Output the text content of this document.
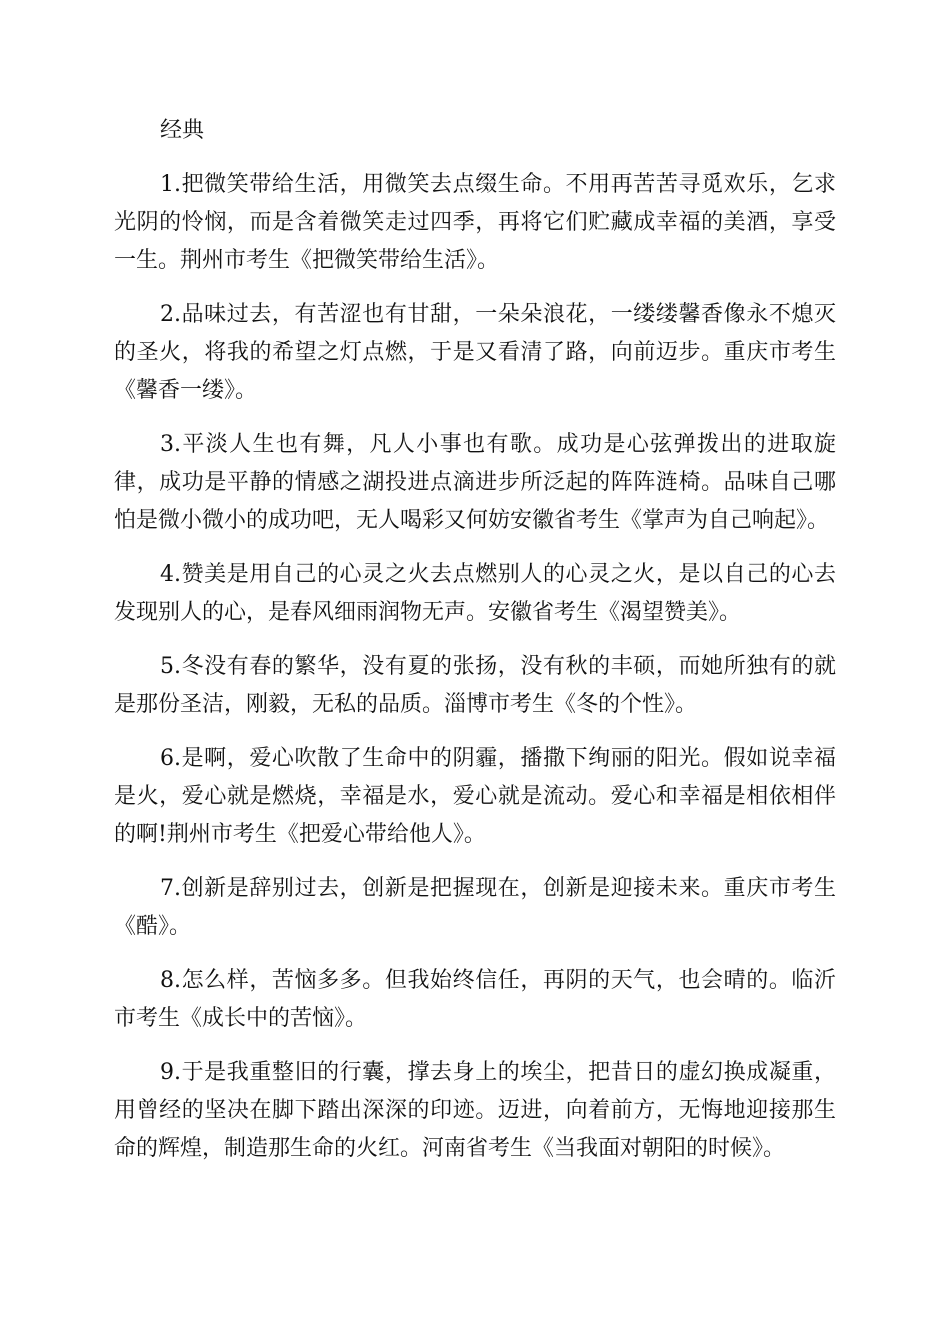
经典

1.把微笑带给生活，用微笑去点缀生命。不用再苦苦寻觅欢乐，乞求光阴的怜悯，而是含着微笑走过四季，再将它们贮藏成幸福的美酒，享受一生。荆州市考生《把微笑带给生活》。

2.品味过去，有苦涩也有甘甜，一朵朵浪花，一缕缕馨香像永不熄灭的圣火，将我的希望之灯点燃，于是又看清了路，向前迈步。重庆市考生《馨香一缕》。

3.平淡人生也有舞，凡人小事也有歌。成功是心弦弹拨出的进取旋律，成功是平静的情感之湖投进点滴进步所泛起的阵阵涟椅。品味自己哪怕是微小微小的成功吧，无人喝彩又何妨安徽省考生《掌声为自己响起》。

4.赞美是用自己的心灵之火去点燃别人的心灵之火，是以自己的心去发现别人的心，是春风细雨润物无声。安徽省考生《渴望赞美》。

5.冬没有春的繁华，没有夏的张扬，没有秋的丰硕，而她所独有的就是那份圣洁，刚毅，无私的品质。淄博市考生《冬的个性》。

6.是啊，爱心吹散了生命中的阴霾，播撒下绚丽的阳光。假如说幸福是火，爱心就是燃烧，幸福是水，爱心就是流动。爱心和幸福是相依相伴的啊!荆州市考生《把爱心带给他人》。

7.创新是辞别过去，创新是把握现在，创新是迎接未来。重庆市考生《酷》。

8.怎么样，苦恼多多。但我始终信任，再阴的天气，也会晴的。临沂市考生《成长中的苦恼》。

9.于是我重整旧的行囊，撑去身上的埃尘，把昔日的虚幻换成凝重，用曾经的坚决在脚下踏出深深的印迹。迈进，向着前方，无悔地迎接那生命的辉煌，制造那生命的火红。河南省考生《当我面对朝阳的时候》。
